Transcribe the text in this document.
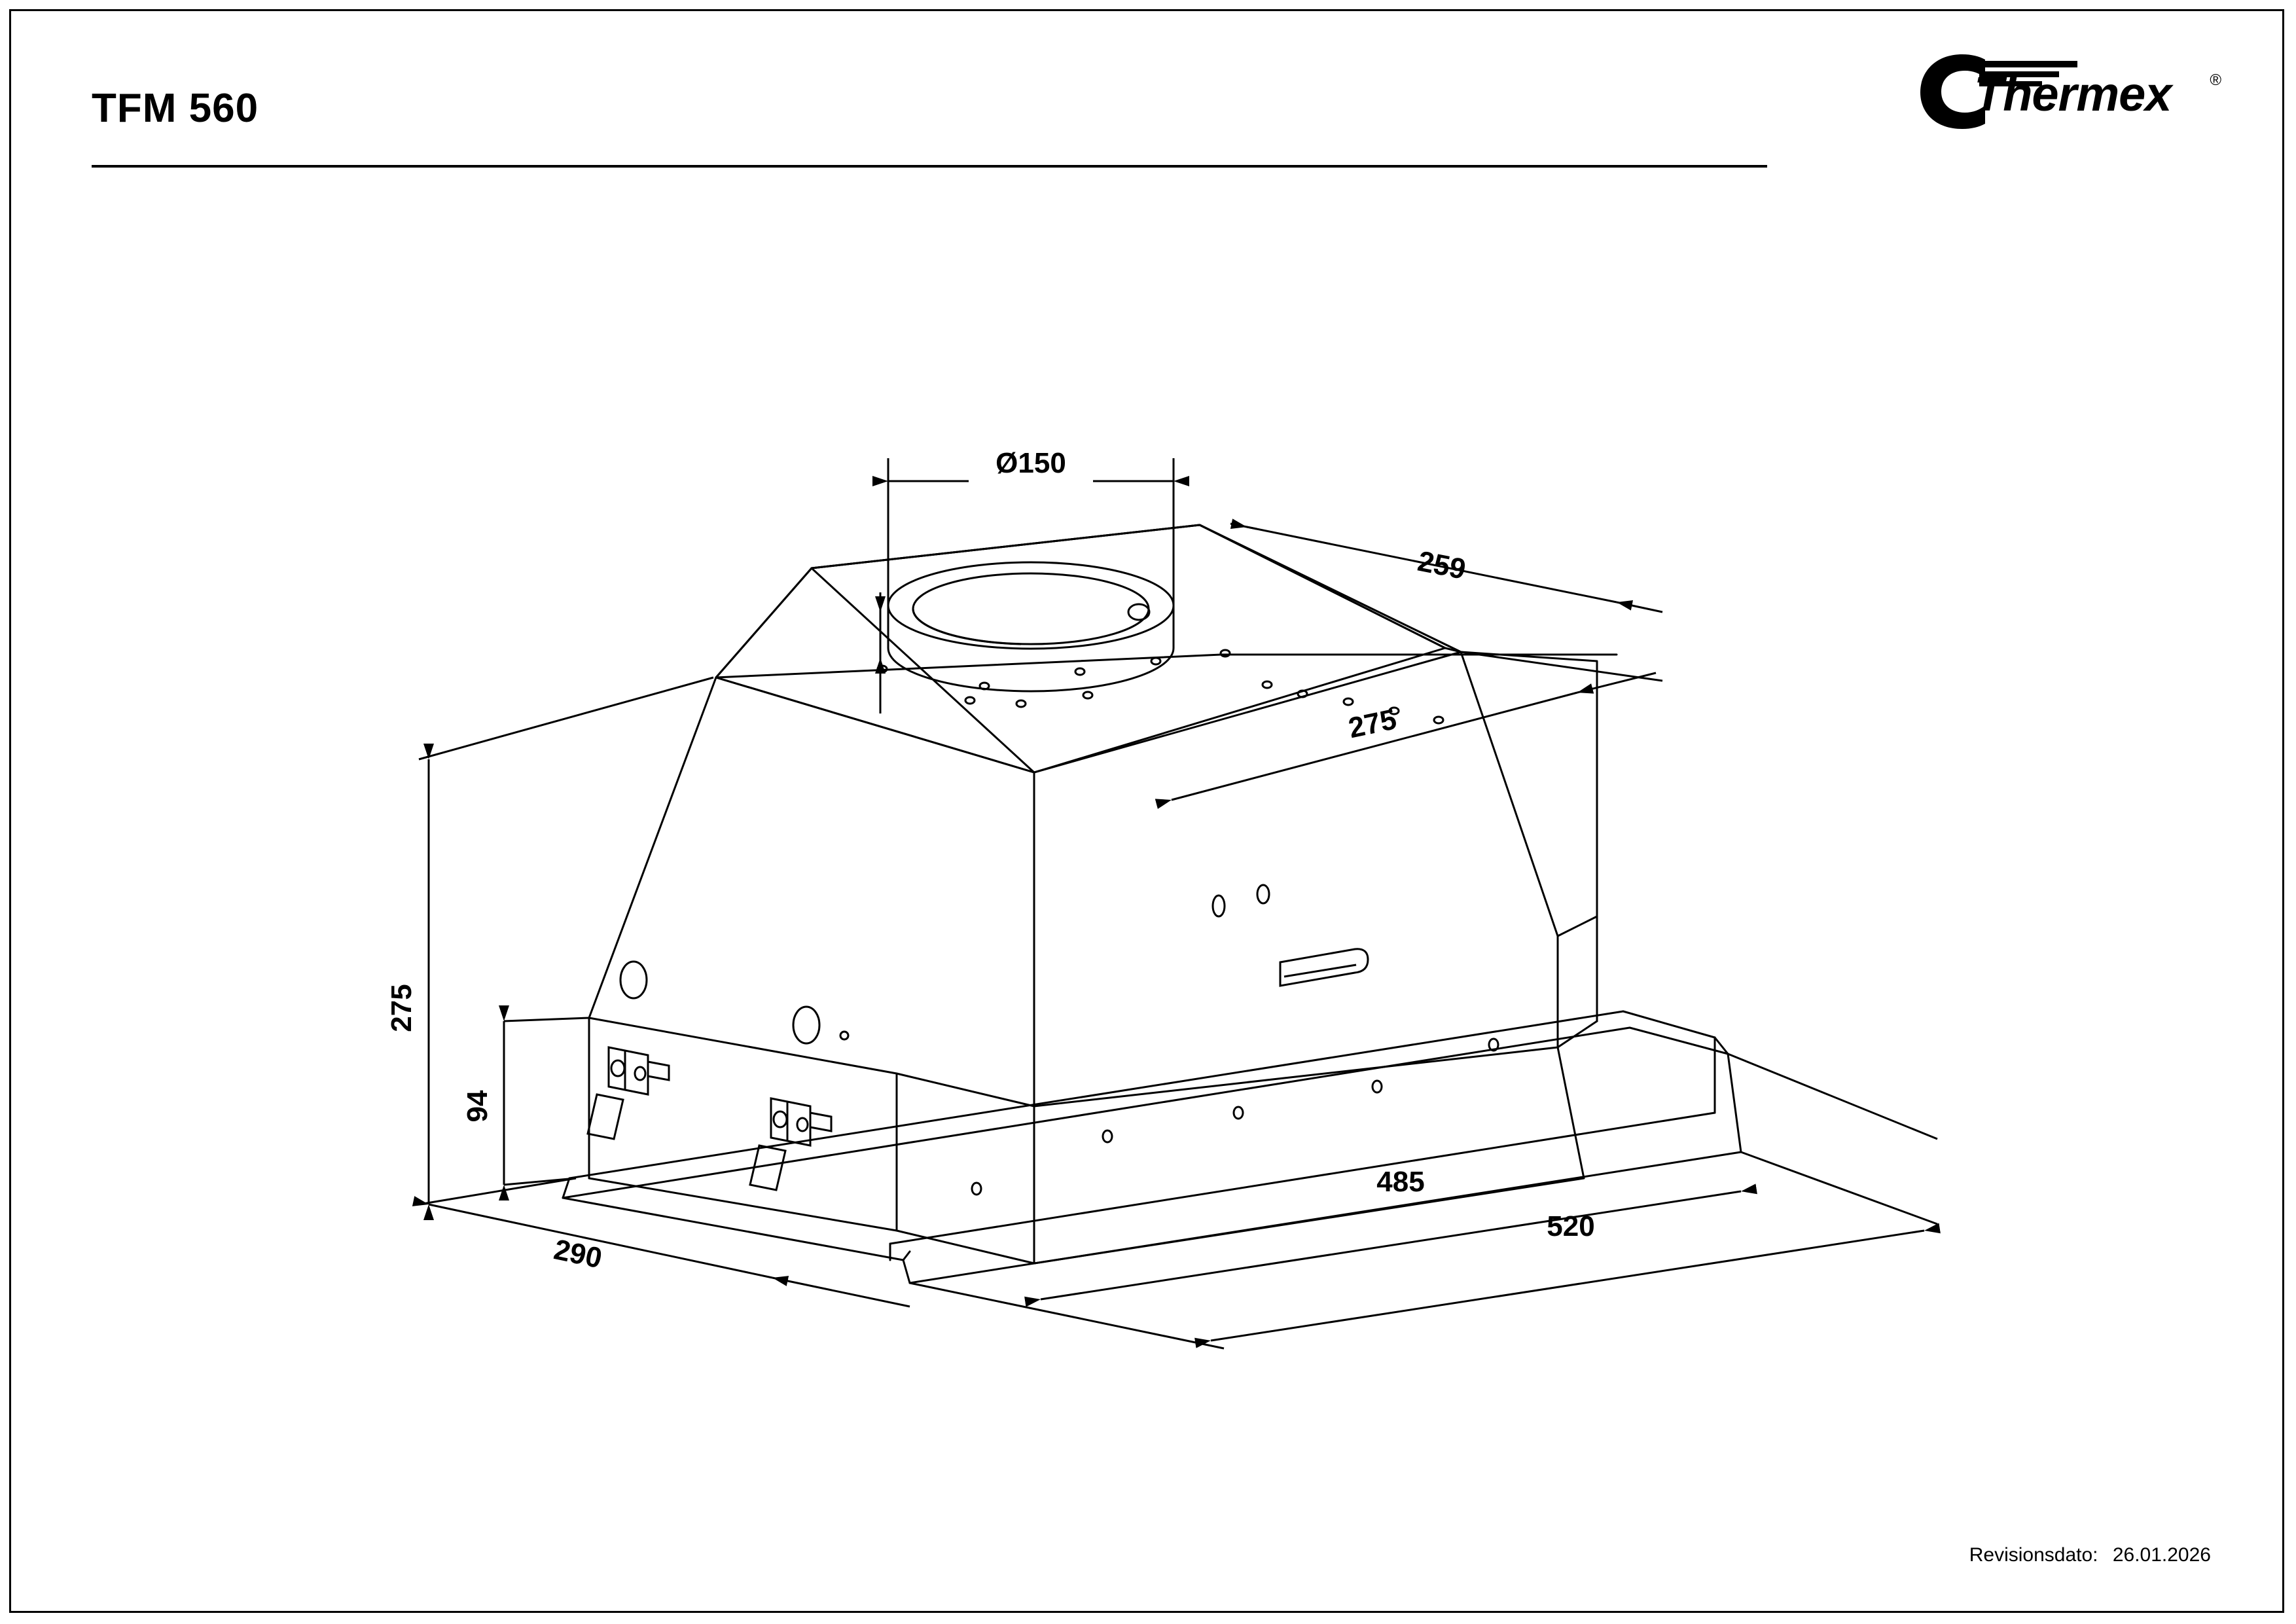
TFM 560	Thermex ®
Ø150
259
275
275
94
290
485
520
Revisionsdato: 26.01.2026
